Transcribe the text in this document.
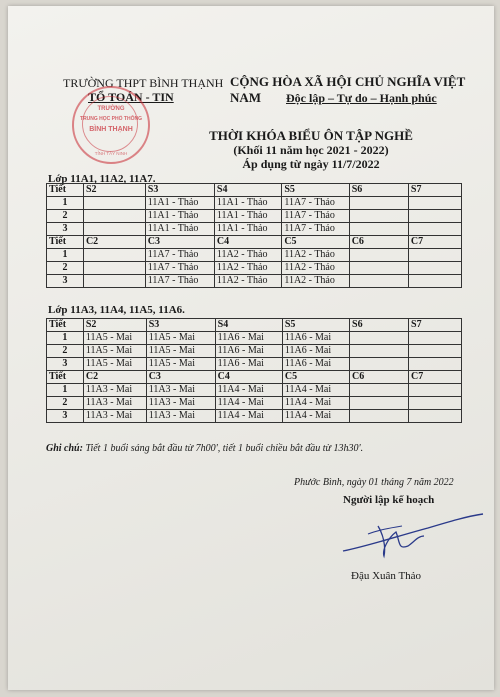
TRƯỜNG THPT BÌNH THẠNH
TỔ TOÁN - TIN
CỘNG HÒA XÃ HỘI CHỦ NGHĨA VIỆT NAM	Độc lập – Tự do – Hạnh phúc
TRƯỜNG
TRUNG HỌC PHỔ THÔNG
BÌNH THẠNH
TỈNH TÂY NINH
THỜI KHÓA BIỂU ÔN TẬP NGHỀ
(Khối 11 năm học 2021 - 2022)
Áp dụng từ ngày 11/7/2022
Lớp 11A1, 11A2, 11A7.
Tiết	S2	S3	S4	S5	S6	S7
1		11A1 - Thảo	11A1 - Thảo	11A7 - Thảo		
2		11A1 - Thảo	11A1 - Thảo	11A7 - Thảo		
3		11A1 - Thảo	11A1 - Thảo	11A7 - Thảo		
Tiết	C2	C3	C4	C5	C6	C7
1		11A7 - Thảo	11A2 - Thảo	11A2 - Thảo		
2		11A7 - Thảo	11A2 - Thảo	11A2 - Thảo		
3		11A7 - Thảo	11A2 - Thảo	11A2 - Thảo		
Lớp 11A3, 11A4, 11A5, 11A6.
Tiết	S2	S3	S4	S5	S6	S7
1	11A5 - Mai	11A5 - Mai	11A6 - Mai	11A6 - Mai		
2	11A5 - Mai	11A5 - Mai	11A6 - Mai	11A6 - Mai		
3	11A5 - Mai	11A5 - Mai	11A6 - Mai	11A6 - Mai		
Tiết	C2	C3	C4	C5	C6	C7
1	11A3 - Mai	11A3 - Mai	11A4 - Mai	11A4 - Mai		
2	11A3 - Mai	11A3 - Mai	11A4 - Mai	11A4 - Mai		
3	11A3 - Mai	11A3 - Mai	11A4 - Mai	11A4 - Mai		
Ghi chú: Tiết 1 buổi sáng bắt đầu từ 7h00', tiết 1 buổi chiều bắt đầu từ 13h30'.
Phước Bình, ngày 01 tháng 7 năm 2022
Người lập kế hoạch
Đậu Xuân Thảo
